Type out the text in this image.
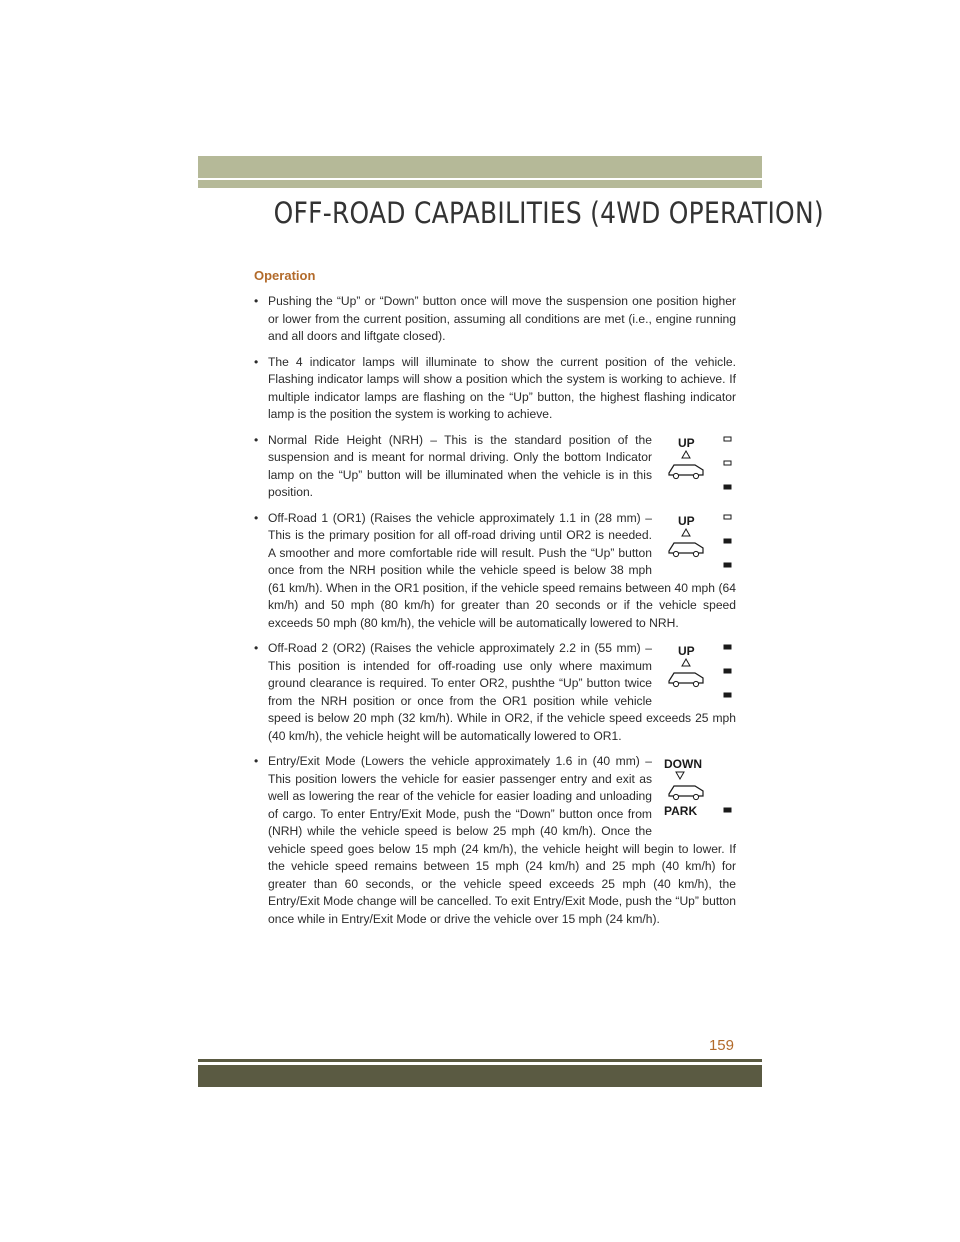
OFF-ROAD CAPABILITIES (4WD OPERATION)
Operation
• Pushing the “Up” or “Down” button once will move the suspension one position higher or lower from the current position, assuming all conditions are met (i.e., engine running and all doors and liftgate closed).

• The 4 indicator lamps will illuminate to show the current position of the vehicle. Flashing indicator lamps will show a position which the system is working to achieve. If multiple indicator lamps are flashing on the “Up” button, the highest flashing indicator lamp is the position the system is working to achieve.

•	UP

Normal Ride Height (NRH) – This is the standard position of the suspension and is meant for normal driving. Only the bottom Indicator lamp on the “Up” button will be illuminated when the vehicle is in this position.

•	UP

Off-Road 1 (OR1) (Raises the vehicle approximately 1.1 in (28 mm) – This is the primary position for all off-road driving until OR2 is needed. A smoother and more comfortable ride will result. Push the “Up” button once from the NRH position while the vehicle speed is below 38 mph (61 km/h). When in the OR1 position, if the vehicle speed remains between 40 mph (64 km/h) and 50 mph (80 km/h) for greater than 20 seconds or if the vehicle speed exceeds 50 mph (80 km/h), the vehicle will be automatically lowered to NRH.

•	UP

Off-Road 2 (OR2) (Raises the vehicle approximately 2.2 in (55 mm) – This position is intended for off-roading use only where maximum ground clearance is required. To enter OR2, pushthe “Up” button twice from the NRH position or once from the OR1 position while vehicle speed is below 20 mph (32 km/h). While in OR2, if the vehicle speed exceeds 25 mph (40 km/h), the vehicle height will be automatically lowered to OR1.

•	DOWN
PARK

Entry/Exit Mode (Lowers the vehicle approximately 1.6 in (40 mm) – This position lowers the vehicle for easier passenger entry and exit as well as lowering the rear of the vehicle for easier loading and unloading of cargo. To enter Entry/Exit Mode, push the “Down” button once from (NRH) while the vehicle speed is below 25 mph (40 km/h). Once the vehicle speed goes below 15 mph (24 km/h), the vehicle height will begin to lower. If the vehicle speed remains between 15 mph (24 km/h) and 25 mph (40 km/h) for greater than 60 seconds, or the vehicle speed exceeds 25 mph (40 km/h), the Entry/Exit Mode change will be cancelled. To exit Entry/Exit Mode, push the “Up” button once while in Entry/Exit Mode or drive the vehicle over 15 mph (24 km/h).

159
